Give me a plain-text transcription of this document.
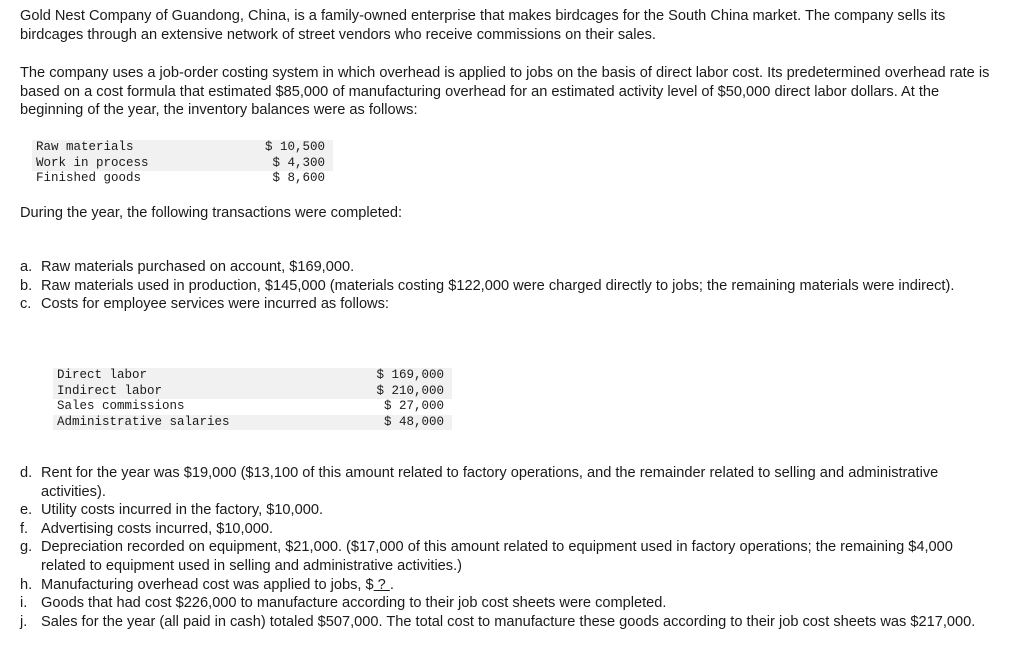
Gold Nest Company of Guandong, China, is a family-owned enterprise that makes birdcages for the South China market. The company sells its birdcages through an extensive network of street vendors who receive commissions on their sales.

The company uses a job-order costing system in which overhead is applied to jobs on the basis of direct labor cost. Its predetermined overhead rate is based on a cost formula that estimated $85,000 of manufacturing overhead for an estimated activity level of $50,000 direct labor dollars. At the beginning of the year, the inventory balances were as follows:

Raw materials	$ 10,500
Work in process	$ 4,300
Finished goods	$ 8,600

During the year, the following transactions were completed:

a. Raw materials purchased on account, $169,000.
b. Raw materials used in production, $145,000 (materials costing $122,000 were charged directly to jobs; the remaining materials were indirect).
c. Costs for employee services were incurred as follows:
Direct labor	$ 169,000
Indirect labor	$ 210,000
Sales commissions	$ 27,000
Administrative salaries	$ 48,000
d. Rent for the year was $19,000 ($13,100 of this amount related to factory operations, and the remainder related to selling and administrative activities).
e. Utility costs incurred in the factory, $10,000.
f. Advertising costs incurred, $10,000.
g. Depreciation recorded on equipment, $21,000. ($17,000 of this amount related to equipment used in factory operations; the remaining $4,000 related to equipment used in selling and administrative activities.)
h. Manufacturing overhead cost was applied to jobs, $ ? .
i. Goods that had cost $226,000 to manufacture according to their job cost sheets were completed.
j. Sales for the year (all paid in cash) totaled $507,000. The total cost to manufacture these goods according to their job cost sheets was $217,000.
